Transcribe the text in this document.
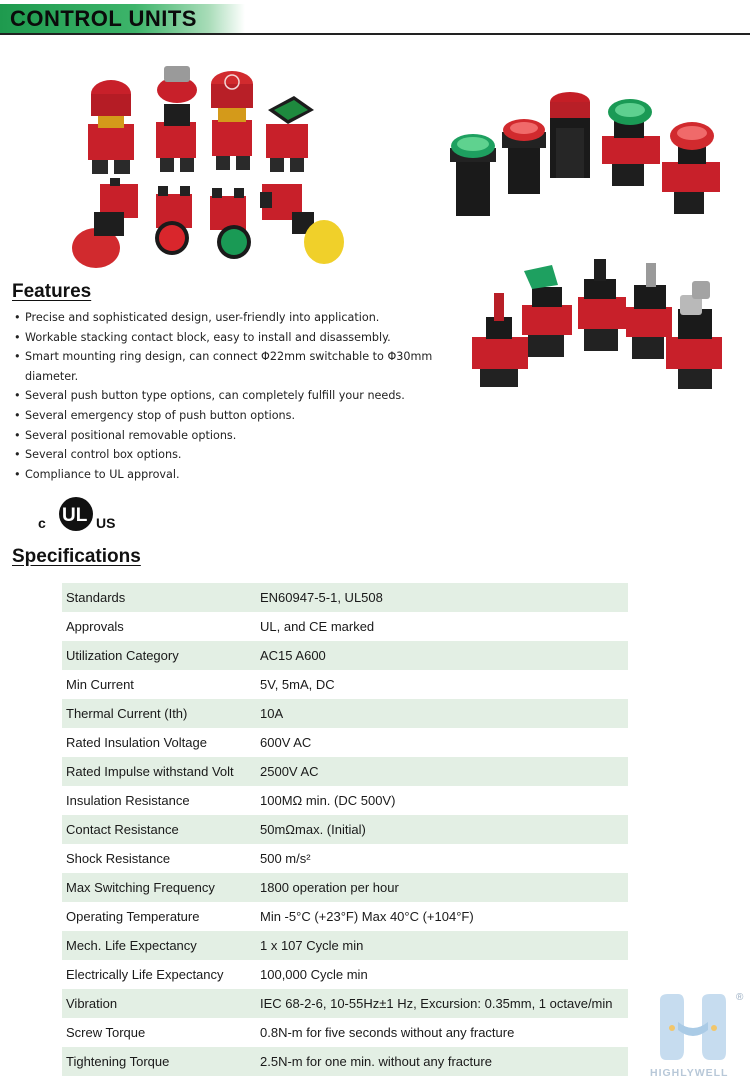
CONTROL UNITS
Features
• Precise and sophisticated design, user-friendly into application.
• Workable stacking contact block, easy to install and disassembly.
• Smart mounting ring design, can connect Φ22mm switchable to Φ30mm
diameter.
• Several push button type options, can completely fulfill your needs.
• Several emergency stop of push button options.
• Several positional removable options.
• Several control box options.
• Compliance to UL approval.
c UL US
Specifications
Standards	EN60947-5-1, UL508
Approvals	UL, and CE marked
Utilization Category	AC15 A600
Min Current	5V, 5mA, DC
Thermal Current (Ith)	10A
Rated Insulation Voltage	600V AC
Rated Impulse withstand Volt	2500V AC
Insulation Resistance	100MΩ min. (DC 500V)
Contact Resistance	50mΩmax. (Initial)
Shock Resistance	500 m/s²
Max Switching Frequency	1800 operation per hour
Operating Temperature	Min -5°C (+23°F) Max 40°C (+104°F)
Mech. Life Expectancy	1 x 107 Cycle min
Electrically Life Expectancy	100,000 Cycle min
Vibration	IEC 68-2-6, 10-55Hz±1 Hz, Excursion: 0.35mm, 1 octave/min
Screw Torque	0.8N-m for five seconds without any fracture
Tightening Torque	2.5N-m for one min. without any fracture
®
HIGHLYWELL
